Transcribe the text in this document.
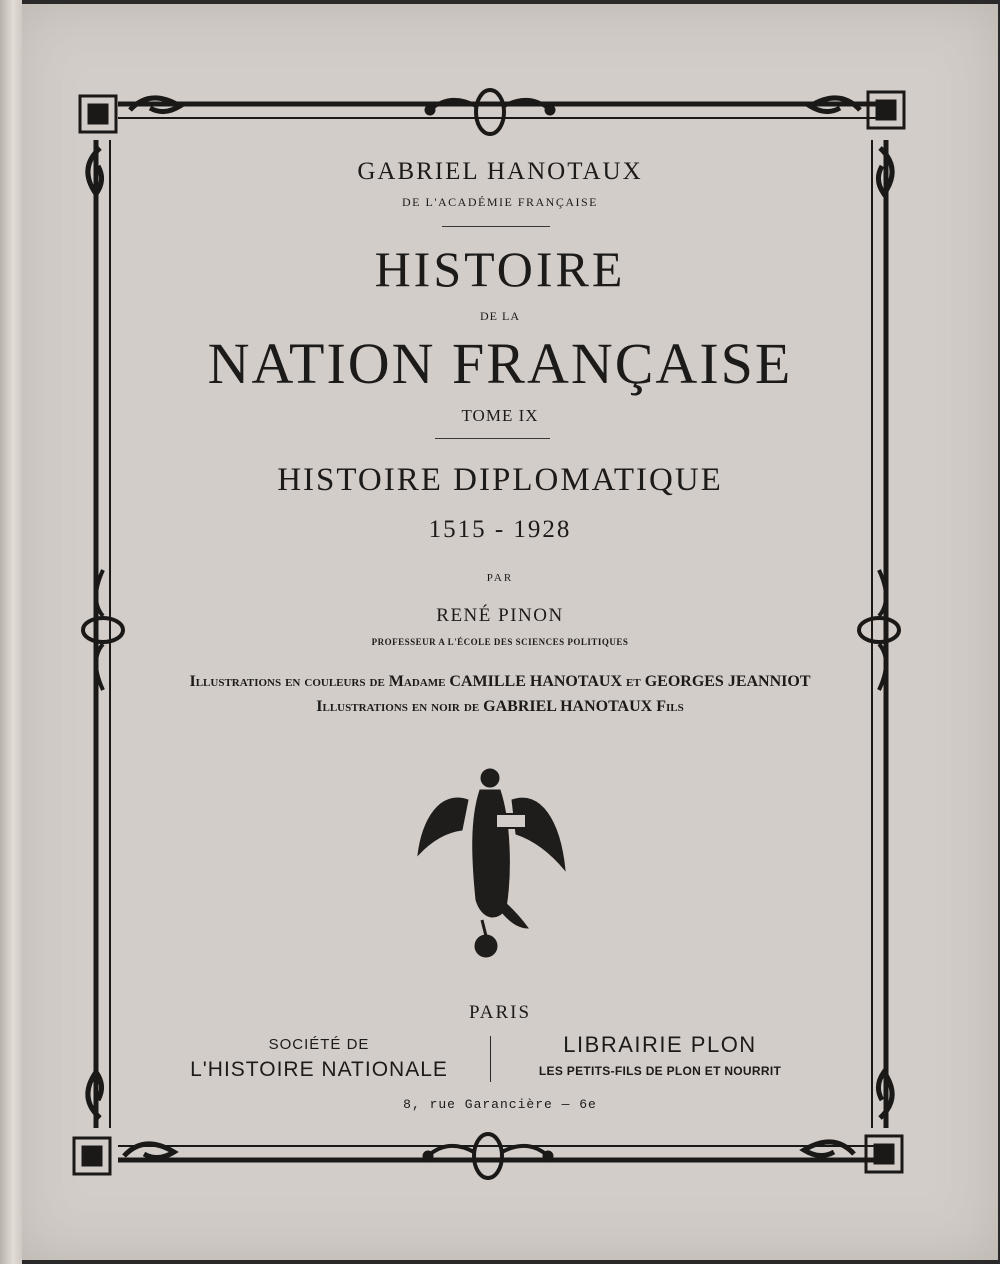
GABRIEL HANOTAUX
DE L'ACADÉMIE FRANÇAISE
HISTOIRE
DE LA
NATION FRANÇAISE
TOME IX
HISTOIRE DIPLOMATIQUE
1515 - 1928
PAR
RENÉ PINON
PROFESSEUR A L'ÉCOLE DES SCIENCES POLITIQUES
Illustrations en couleurs de Madame CAMILLE HANOTAUX et GEORGES JEANNIOT
Illustrations en noir de GABRIEL HANOTAUX Fils
PARIS
SOCIÉTÉ DE
L'HISTOIRE NATIONALE
LIBRAIRIE PLON
LES PETITS-FILS DE PLON ET NOURRIT
8, rue Garancière — 6e
